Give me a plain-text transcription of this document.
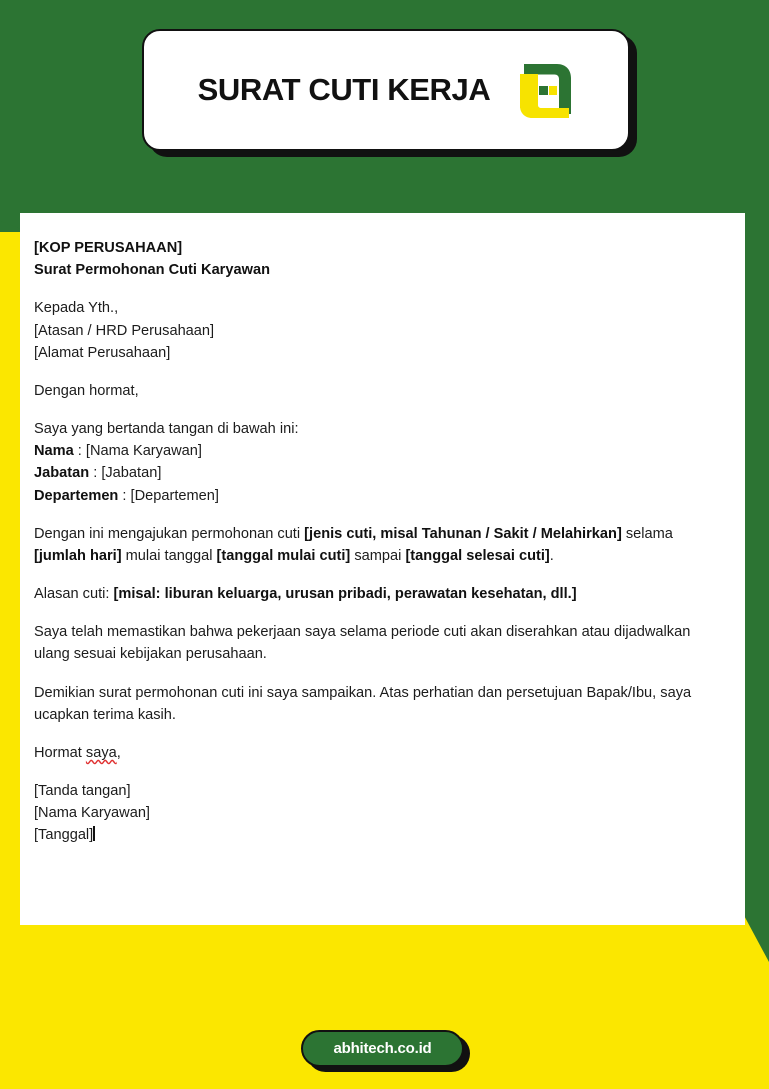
SURAT CUTI KERJA

[KOP PERUSAHAAN]

Surat Permohonan Cuti Karyawan

Kepada Yth.,

[Atasan / HRD Perusahaan]

[Alamat Perusahaan]

Dengan hormat,

Saya yang bertanda tangan di bawah ini:

Nama : [Nama Karyawan]

Jabatan : [Jabatan]

Departemen : [Departemen]

Dengan ini mengajukan permohonan cuti [jenis cuti, misal Tahunan / Sakit / Melahirkan] selama [jumlah hari] mulai tanggal [tanggal mulai cuti] sampai [tanggal selesai cuti].

Alasan cuti: [misal: liburan keluarga, urusan pribadi, perawatan kesehatan, dll.]

Saya telah memastikan bahwa pekerjaan saya selama periode cuti akan diserahkan atau dijadwalkan ulang sesuai kebijakan perusahaan.

Demikian surat permohonan cuti ini saya sampaikan. Atas perhatian dan persetujuan Bapak/Ibu, saya ucapkan terima kasih.

Hormat saya,

[Tanda tangan]

[Nama Karyawan]

[Tanggal]

abhitech.co.id
